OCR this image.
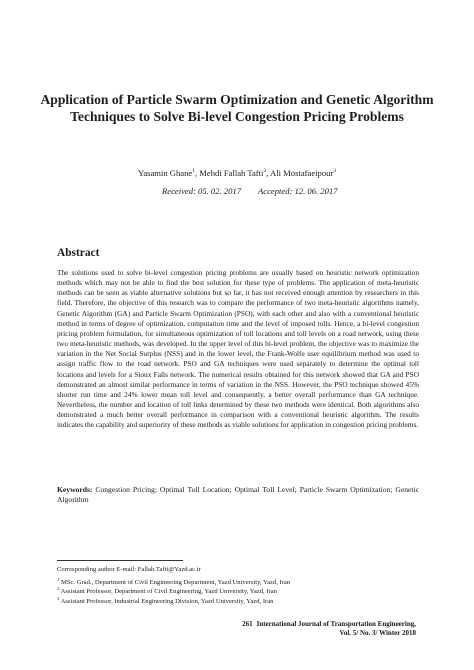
Application of Particle Swarm Optimization and Genetic Algorithm Techniques to Solve Bi-level Congestion Pricing Problems
Yasamin Ghane$^1$, Mehdi Fallah Tafti$^2$, Ali Mostafaeipour$^3$
Received: 05. 02. 2017 Accepted: 12. 06. 2017
Abstract
The solutions used to solve bi-level congestion pricing problems are usually based on heuristic network optimization methods which may not be able to find the best solution for these type of problems. The application of meta-heuristic methods can be seen as viable alternative solutions but so far, it has not received enough attention by researchers in this field. Therefore, the objective of this research was to compare the performance of two meta-heuristic algorithms namely, Genetic Algorithm (GA) and Particle Swarm Optimization (PSO), with each other and also with a conventional heuristic method in terms of degree of optimization, computation time and the level of imposed tolls. Hence, a bi-level congestion pricing problem formulation, for simultaneous optimization of toll locations and toll levels on a road network, using these two meta-heuristic methods, was developed. In the upper level of this bi-level problem, the objective was to maximize the variation in the Net Social Surplus (NSS) and in the lower level, the Frank-Wolfe user equilibrium method was used to assign traffic flow to the road network. PSO and GA techniques were used separately to determine the optimal toll locations and levels for a Sioux Falls network. The numerical results obtained for this network showed that GA and PSO demonstrated an almost similar performance in terms of variation in the NSS. However, the PSO technique showed 45% shorter run time and 24% lower mean toll level and consequently, a better overall performance than GA technique. Nevertheless, the number and location of toll links determined by these two methods were identical. Both algorithms also demonstrated a much better overall performance in comparison with a conventional heuristic algorithm. The results indicates the capability and superiority of these methods as viable solutions for application in congestion pricing problems.
Keywords: Congestion Pricing; Optimal Toll Location; Optimal Toll Level; Particle Swarm Optimization; Genetic Algorithm
Corresponding author E-mail: Fallah.Tafti@Yazd.ac.ir
$^1$ MSc. Grad., Department of Civil Engineering Department, Yazd University, Yazd, Iran
$^2$ Assistant Professor, Department of Civil Engineering, Yazd University, Yazd, Iran
$^3$ Assistant Professor, Industrial Engineering Division, Yazd University, Yazd, Iran
261 International Journal of Transportation Engineering,
Vol. 5/ No. 3/ Winter 2018
